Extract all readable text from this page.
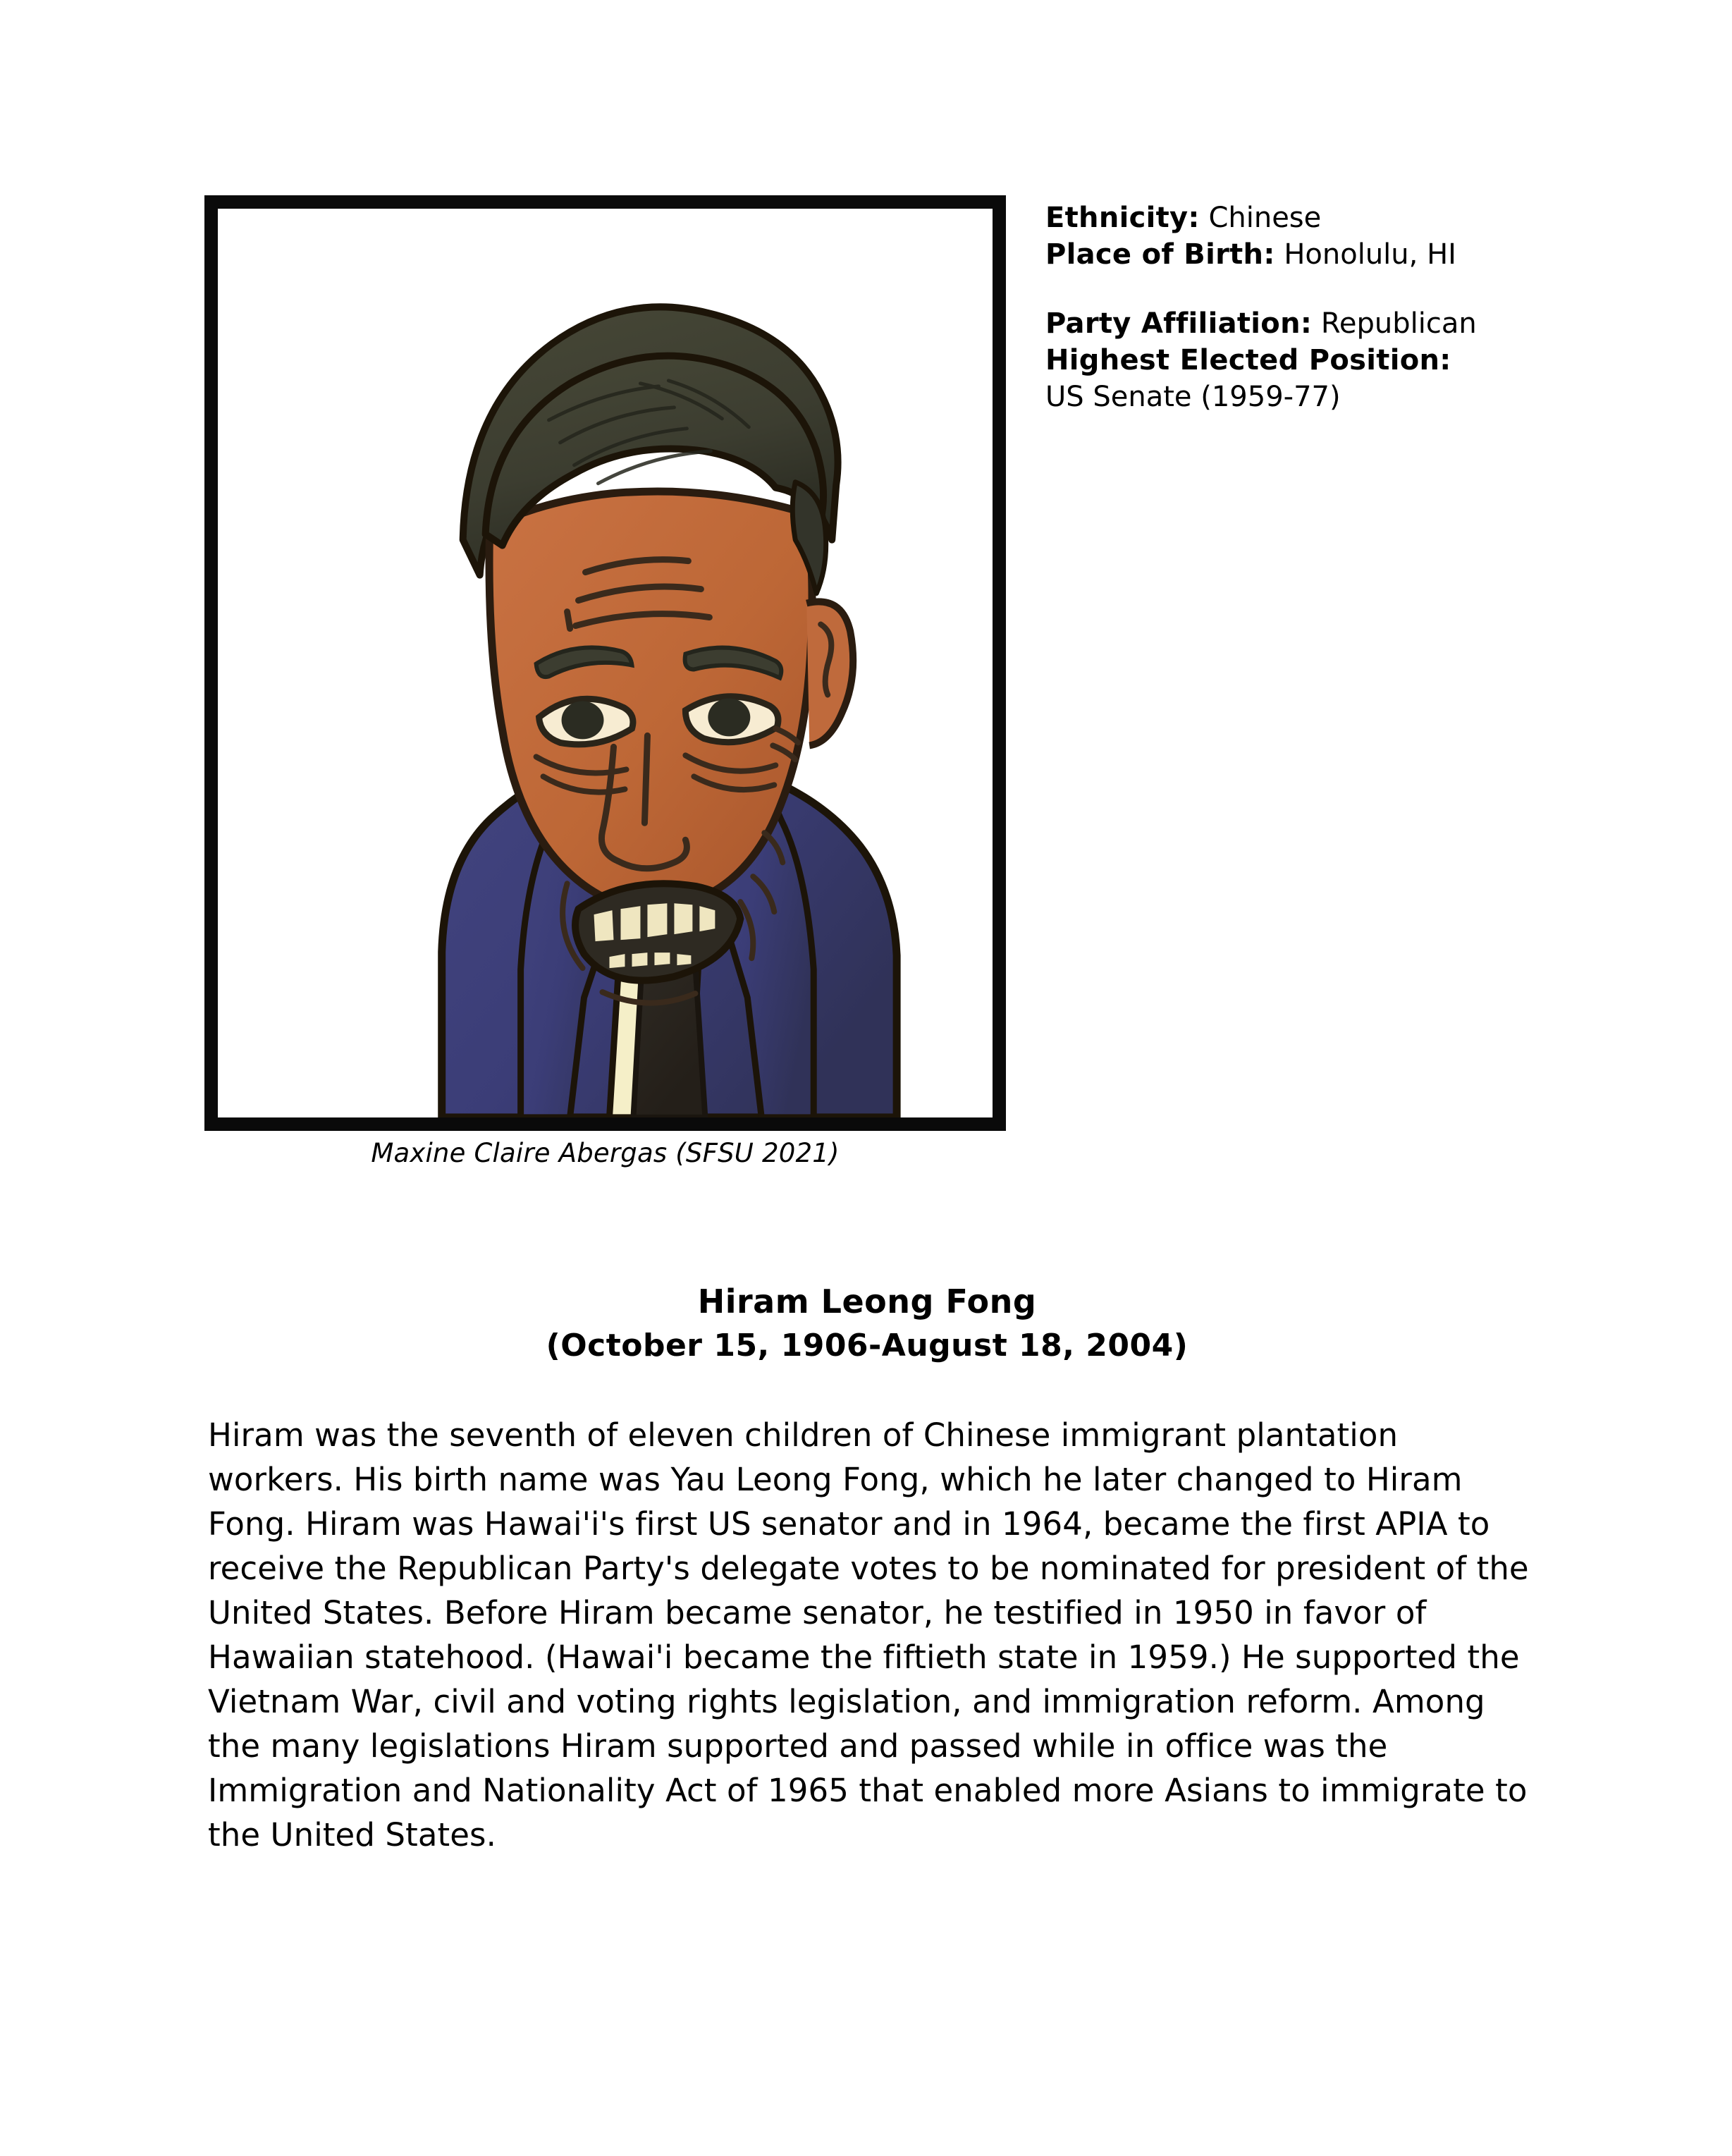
Maxine Claire Abergas (SFSU 2021)
Ethnicity: Chinese
Place of Birth: Honolulu, HI
Party Affiliation: Republican
Highest Elected Position:
US Senate (1959-77)
Hiram Leong Fong
(October 15, 1906-August 18, 2004)
Hiram was the seventh of eleven children of Chinese immigrant plantation workers. His birth name was Yau Leong Fong, which he later changed to Hiram Fong. Hiram was Hawai'i's first US senator and in 1964, became the first APIA to receive the Republican Party's delegate votes to be nominated for president of the United States. Before Hiram became senator, he testified in 1950 in favor of Hawaiian statehood. (Hawai'i became the fiftieth state in 1959.) He supported the Vietnam War, civil and voting rights legislation, and immigration reform. Among the many legislations Hiram supported and passed while in office was the Immigration and Nationality Act of 1965 that enabled more Asians to immigrate to the United States.
